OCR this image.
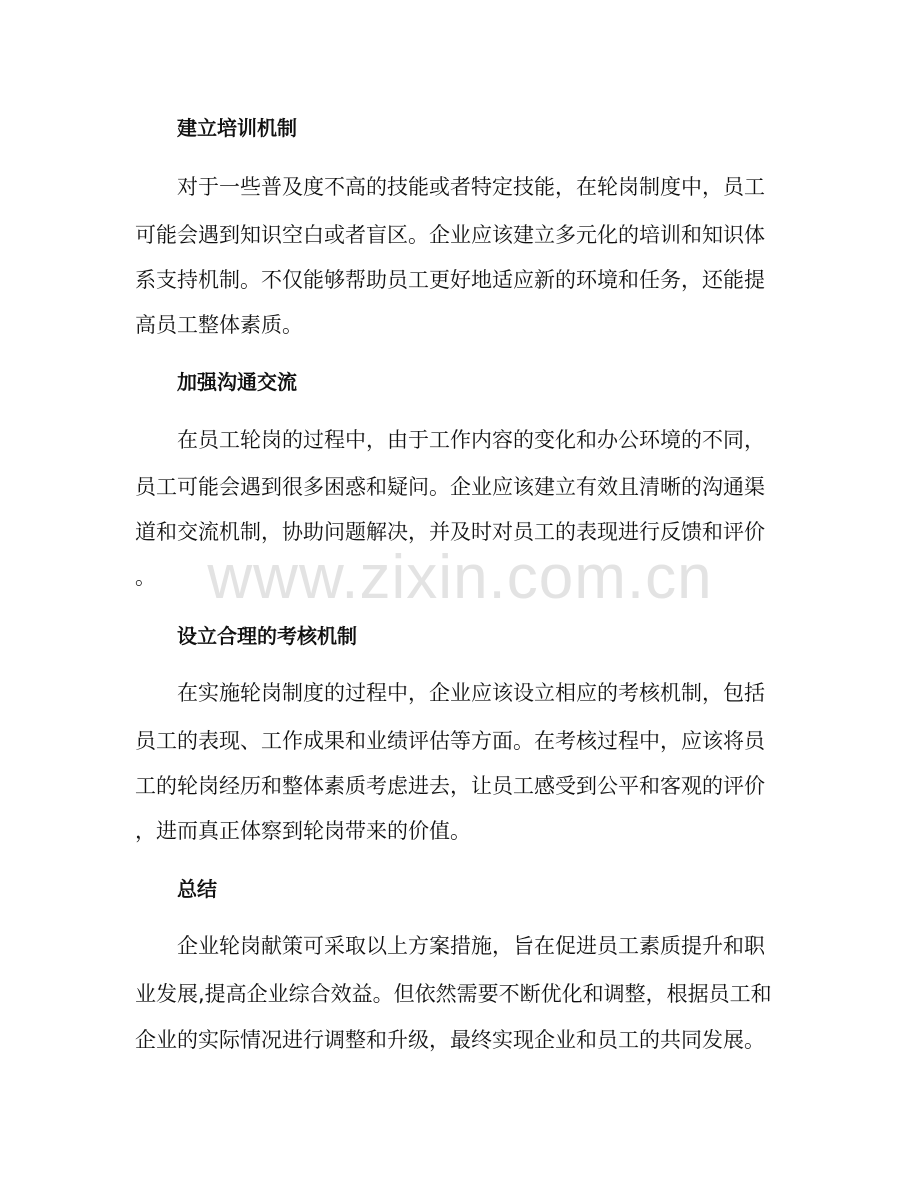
建立培训机制
对于一些普及度不高的技能或者特定技能，在轮岗制度中，员工
可能会遇到知识空白或者盲区。企业应该建立多元化的培训和知识体
系支持机制。不仅能够帮助员工更好地适应新的环境和任务，还能提
高员工整体素质。
加强沟通交流
在员工轮岗的过程中，由于工作内容的变化和办公环境的不同，
员工可能会遇到很多困惑和疑问。企业应该建立有效且清晰的沟通渠
道和交流机制，协助问题解决，并及时对员工的表现进行反馈和评价
。
设立合理的考核机制
在实施轮岗制度的过程中，企业应该设立相应的考核机制，包括
员工的表现、工作成果和业绩评估等方面。在考核过程中，应该将员
工的轮岗经历和整体素质考虑进去，让员工感受到公平和客观的评价
，进而真正体察到轮岗带来的价值。
总结
企业轮岗献策可采取以上方案措施，旨在促进员工素质提升和职
业发展,提高企业综合效益。但依然需要不断优化和调整，根据员工和
企业的实际情况进行调整和升级，最终实现企业和员工的共同发展。
www.zixin.com.cn
